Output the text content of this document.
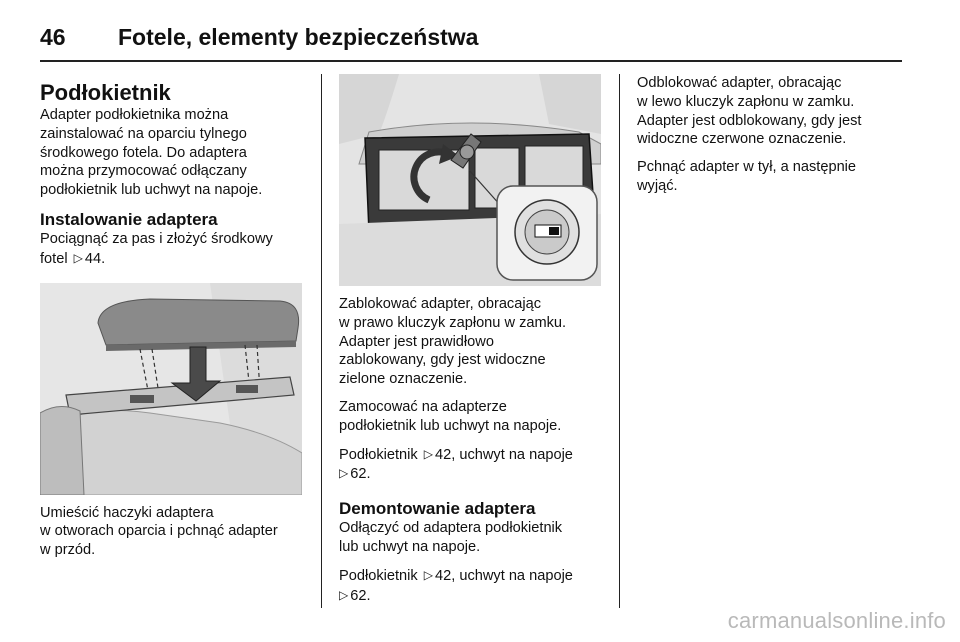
46 Fotele, elementy bezpieczeństwa
Podłokietnik

Adapter podłokietnika można
zainstalować na oparciu tylnego
środkowego fotela. Do adaptera
można przymocować odłączany
podłokietnik lub uchwyt na napoje.

Instalowanie adaptera

Pociągnąć za pas i złożyć środkowy
fotel ▷ 44.

Umieścić haczyki adaptera
w otworach oparcia i pchnąć adapter
w przód.

Zablokować adapter, obracając
w prawo kluczyk zapłonu w zamku.
Adapter jest prawidłowo
zablokowany, gdy jest widoczne
zielone oznaczenie.

Zamocować na adapterze
podłokietnik lub uchwyt na napoje.

Podłokietnik ▷ 42, uchwyt na napoje
▷ 62.

Demontowanie adaptera

Odłączyć od adaptera podłokietnik
lub uchwyt na napoje.

Podłokietnik ▷ 42, uchwyt na napoje
▷ 62.

Odblokować adapter, obracając
w lewo kluczyk zapłonu w zamku.
Adapter jest odblokowany, gdy jest
widoczne czerwone oznaczenie.

Pchnąć adapter w tył, a następnie
wyjąć.

carmanualsonline.info
